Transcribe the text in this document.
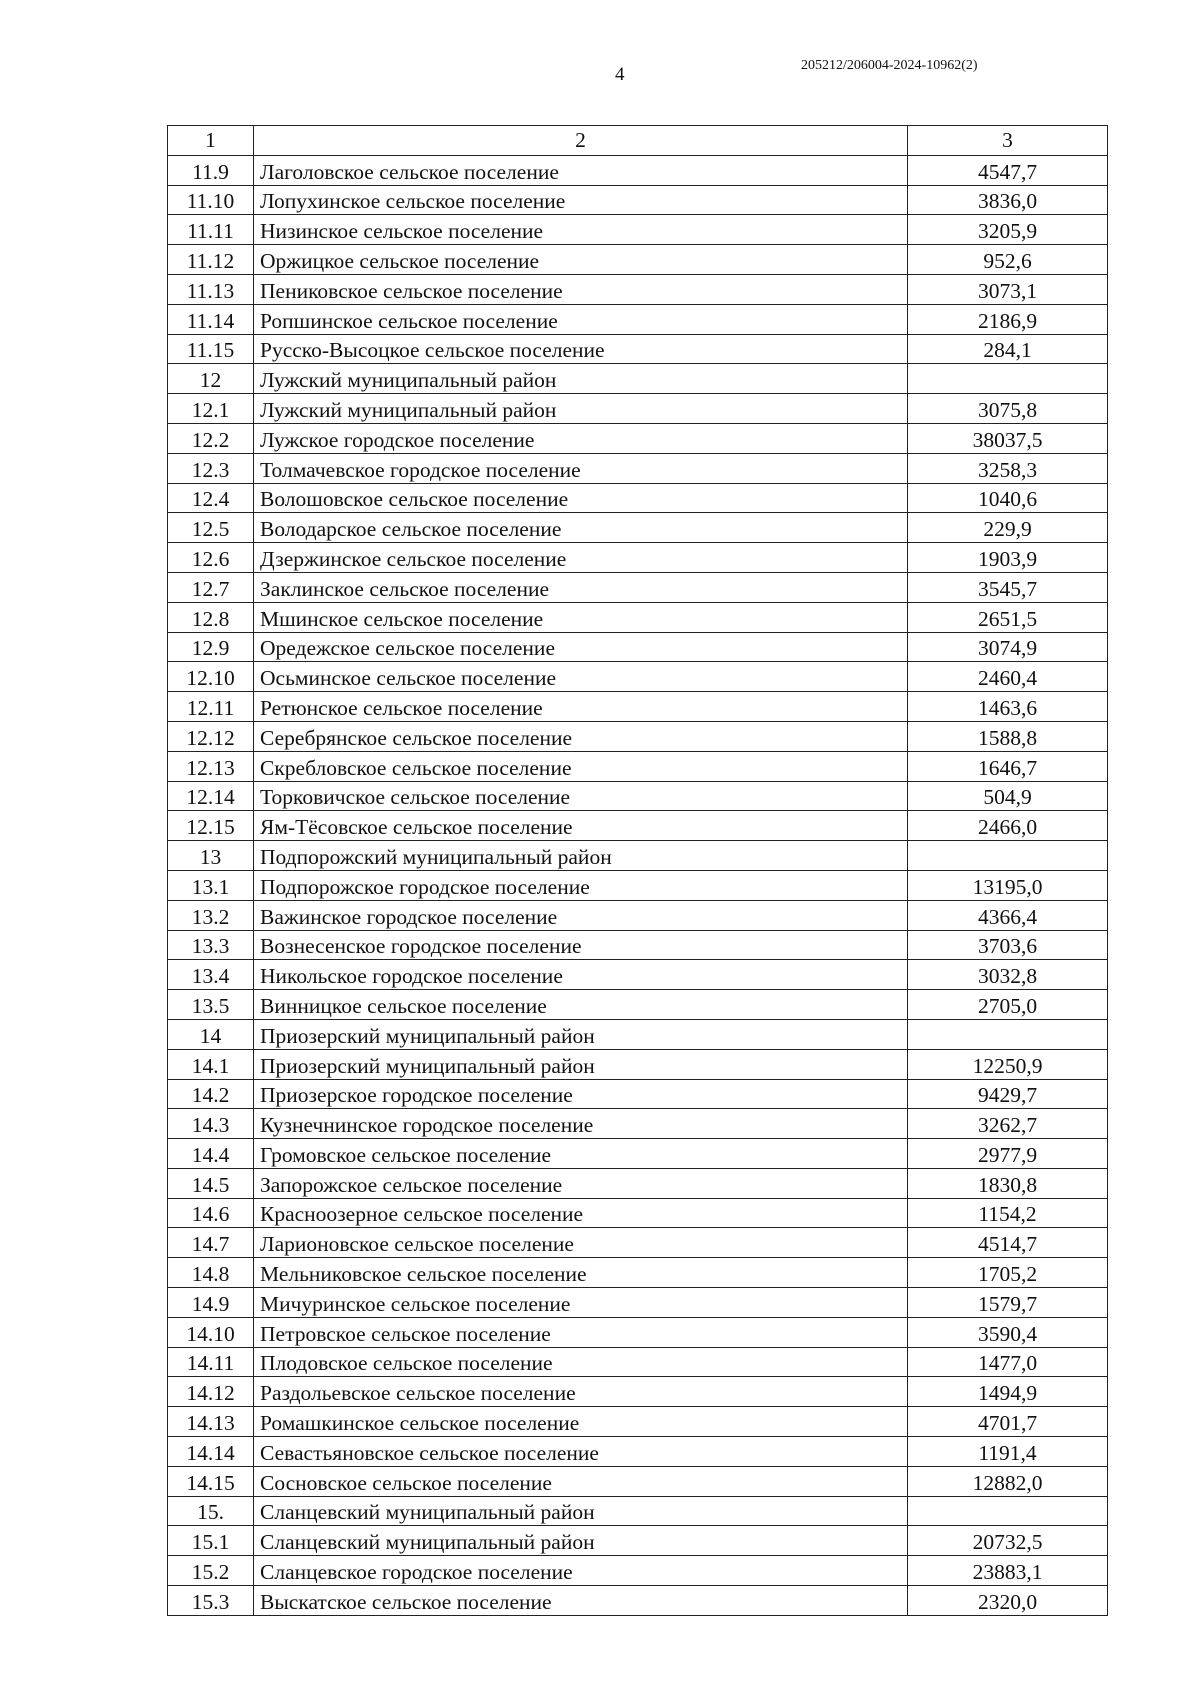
4	205212/206004-2024-10962(2)
1	2	3
11.9	Лаголовское сельское поселение	4547,7
11.10	Лопухинское сельское поселение	3836,0
11.11	Низинское сельское поселение	3205,9
11.12	Оржицкое сельское поселение	952,6
11.13	Пениковское сельское поселение	3073,1
11.14	Ропшинское сельское поселение	2186,9
11.15	Русско-Высоцкое сельское поселение	284,1
12	Лужский муниципальный район	
12.1	Лужский муниципальный район	3075,8
12.2	Лужское городское поселение	38037,5
12.3	Толмачевское городское поселение	3258,3
12.4	Волошовское сельское поселение	1040,6
12.5	Володарское сельское поселение	229,9
12.6	Дзержинское сельское поселение	1903,9
12.7	Заклинское сельское поселение	3545,7
12.8	Мшинское сельское поселение	2651,5
12.9	Оредежское сельское поселение	3074,9
12.10	Осьминское сельское поселение	2460,4
12.11	Ретюнское сельское поселение	1463,6
12.12	Серебрянское сельское поселение	1588,8
12.13	Скребловское сельское поселение	1646,7
12.14	Торковичское сельское поселение	504,9
12.15	Ям-Тёсовское сельское поселение	2466,0
13	Подпорожский муниципальный район	
13.1	Подпорожское городское поселение	13195,0
13.2	Важинское городское поселение	4366,4
13.3	Вознесенское городское поселение	3703,6
13.4	Никольское городское поселение	3032,8
13.5	Винницкое сельское поселение	2705,0
14	Приозерский муниципальный район	
14.1	Приозерский муниципальный район	12250,9
14.2	Приозерское городское поселение	9429,7
14.3	Кузнечнинское городское поселение	3262,7
14.4	Громовское сельское поселение	2977,9
14.5	Запорожское сельское поселение	1830,8
14.6	Красноозерное сельское поселение	1154,2
14.7	Ларионовское сельское поселение	4514,7
14.8	Мельниковское сельское поселение	1705,2
14.9	Мичуринское сельское поселение	1579,7
14.10	Петровское сельское поселение	3590,4
14.11	Плодовское сельское поселение	1477,0
14.12	Раздольевское сельское поселение	1494,9
14.13	Ромашкинское сельское поселение	4701,7
14.14	Севастьяновское сельское поселение	1191,4
14.15	Сосновское сельское поселение	12882,0
15.	Сланцевский муниципальный район	
15.1	Сланцевский муниципальный район	20732,5
15.2	Сланцевское городское поселение	23883,1
15.3	Выскатское сельское поселение	2320,0
